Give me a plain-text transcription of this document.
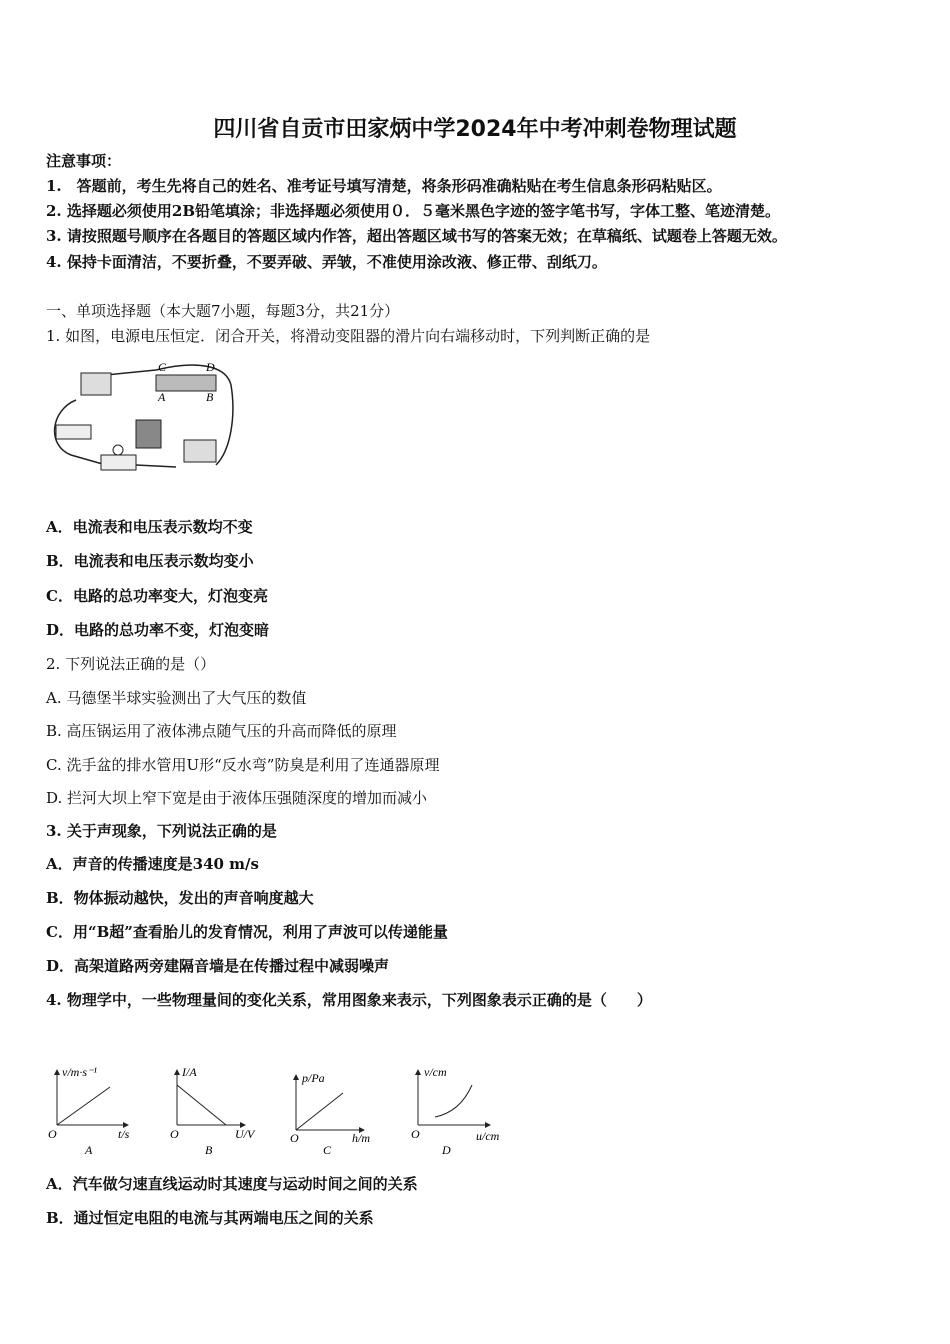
四川省自贡市田家炳中学2024年中考冲刺卷物理试题
注意事项：
1.　答题前，考生先将自己的姓名、准考证号填写清楚，将条形码准确粘贴在考生信息条形码粘贴区。
2. 选择题必须使用2B铅笔填涂；非选择题必须使用０．５毫米黑色字迹的签字笔书写，字体工整、笔迹清楚。
3. 请按照题号顺序在各题目的答题区域内作答，超出答题区域书写的答案无效；在草稿纸、试题卷上答题无效。
4. 保持卡面清洁，不要折叠，不要弄破、弄皱，不准使用涂改液、修正带、刮纸刀。
一、单项选择题（本大题7小题，每题3分，共21分）
1. 如图，电源电压恒定．闭合开关，将滑动变阻器的滑片向右端移动时，下列判断正确的是
C	D
A	B
A．电流表和电压表示数均不变
B．电流表和电压表示数均变小
C．电路的总功率变大，灯泡变亮
D．电路的总功率不变，灯泡变暗
2. 下列说法正确的是（）
A. 马德堡半球实验测出了大气压的数值
B. 高压锅运用了液体沸点随气压的升高而降低的原理
C. 洗手盆的排水管用U形“反水弯”防臭是利用了连通器原理
D. 拦河大坝上窄下宽是由于液体压强随深度的增加而减小
3. 关于声现象，下列说法正确的是
A．声音的传播速度是340 m/s
B．物体振动越快，发出的声音响度越大
C．用“B超”查看胎儿的发育情况，利用了声波可以传递能量
D．高架道路两旁建隔音墙是在传播过程中减弱噪声
4. 物理学中，一些物理量间的变化关系，常用图象来表示，下列图象表示正确的是（　　）
v/m·s⁻¹
O	t/s
A
I/A
O	U/V
B
p/Pa
O	h/m
C
v/cm
O	u/cm
D
A．汽车做匀速直线运动时其速度与运动时间之间的关系
B．通过恒定电阻的电流与其两端电压之间的关系
